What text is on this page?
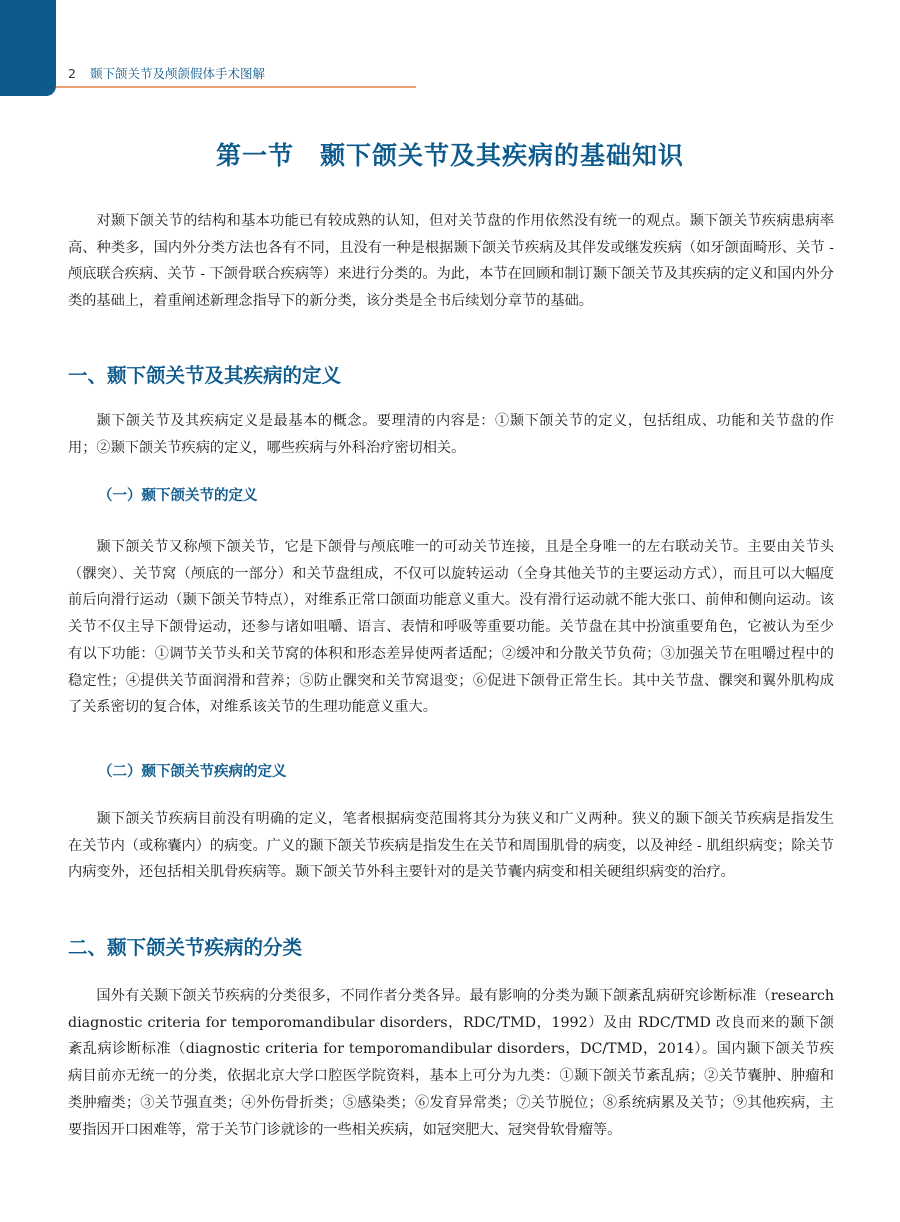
2 颞下颌关节及颅颌假体手术图解
第一节　颞下颌关节及其疾病的基础知识

对颞下颌关节的结构和基本功能已有较成熟的认知，但对关节盘的作用依然没有统一的观点。颞下颌关节疾病患病率高、种类多，国内外分类方法也各有不同，且没有一种是根据颞下颌关节疾病及其伴发或继发疾病（如牙颌面畸形、关节 - 颅底联合疾病、关节 - 下颌骨联合疾病等）来进行分类的。为此，本节在回顾和制订颞下颌关节及其疾病的定义和国内外分类的基础上，着重阐述新理念指导下的新分类，该分类是全书后续划分章节的基础。

一、颞下颌关节及其疾病的定义

颞下颌关节及其疾病定义是最基本的概念。要理清的内容是：①颞下颌关节的定义，包括组成、功能和关节盘的作用；②颞下颌关节疾病的定义，哪些疾病与外科治疗密切相关。

（一）颞下颌关节的定义

颞下颌关节又称颅下颌关节，它是下颌骨与颅底唯一的可动关节连接，且是全身唯一的左右联动关节。主要由关节头（髁突）、关节窝（颅底的一部分）和关节盘组成，不仅可以旋转运动（全身其他关节的主要运动方式），而且可以大幅度前后向滑行运动（颞下颌关节特点），对维系正常口颌面功能意义重大。没有滑行运动就不能大张口、前伸和侧向运动。该关节不仅主导下颌骨运动，还参与诸如咀嚼、语言、表情和呼吸等重要功能。关节盘在其中扮演重要角色，它被认为至少有以下功能：①调节关节头和关节窝的体积和形态差异使两者适配；②缓冲和分散关节负荷；③加强关节在咀嚼过程中的稳定性；④提供关节面润滑和营养；⑤防止髁突和关节窝退变；⑥促进下颌骨正常生长。其中关节盘、髁突和翼外肌构成了关系密切的复合体，对维系该关节的生理功能意义重大。

（二）颞下颌关节疾病的定义

颞下颌关节疾病目前没有明确的定义，笔者根据病变范围将其分为狭义和广义两种。狭义的颞下颌关节疾病是指发生在关节内（或称囊内）的病变。广义的颞下颌关节疾病是指发生在关节和周围肌骨的病变，以及神经 - 肌组织病变；除关节内病变外，还包括相关肌骨疾病等。颞下颌关节外科主要针对的是关节囊内病变和相关硬组织病变的治疗。

二、颞下颌关节疾病的分类

国外有关颞下颌关节疾病的分类很多，不同作者分类各异。最有影响的分类为颞下颌紊乱病研究诊断标准（research diagnostic criteria for temporomandibular disorders，RDC/TMD，1992）及由 RDC/TMD 改良而来的颞下颌紊乱病诊断标准（diagnostic criteria for temporomandibular disorders，DC/TMD，2014）。国内颞下颌关节疾病目前亦无统一的分类，依据北京大学口腔医学院资料，基本上可分为九类：①颞下颌关节紊乱病；②关节囊肿、肿瘤和类肿瘤类；③关节强直类；④外伤骨折类；⑤感染类；⑥发育异常类；⑦关节脱位；⑧系统病累及关节；⑨其他疾病，主要指因开口困难等，常于关节门诊就诊的一些相关疾病，如冠突肥大、冠突骨软骨瘤等。
